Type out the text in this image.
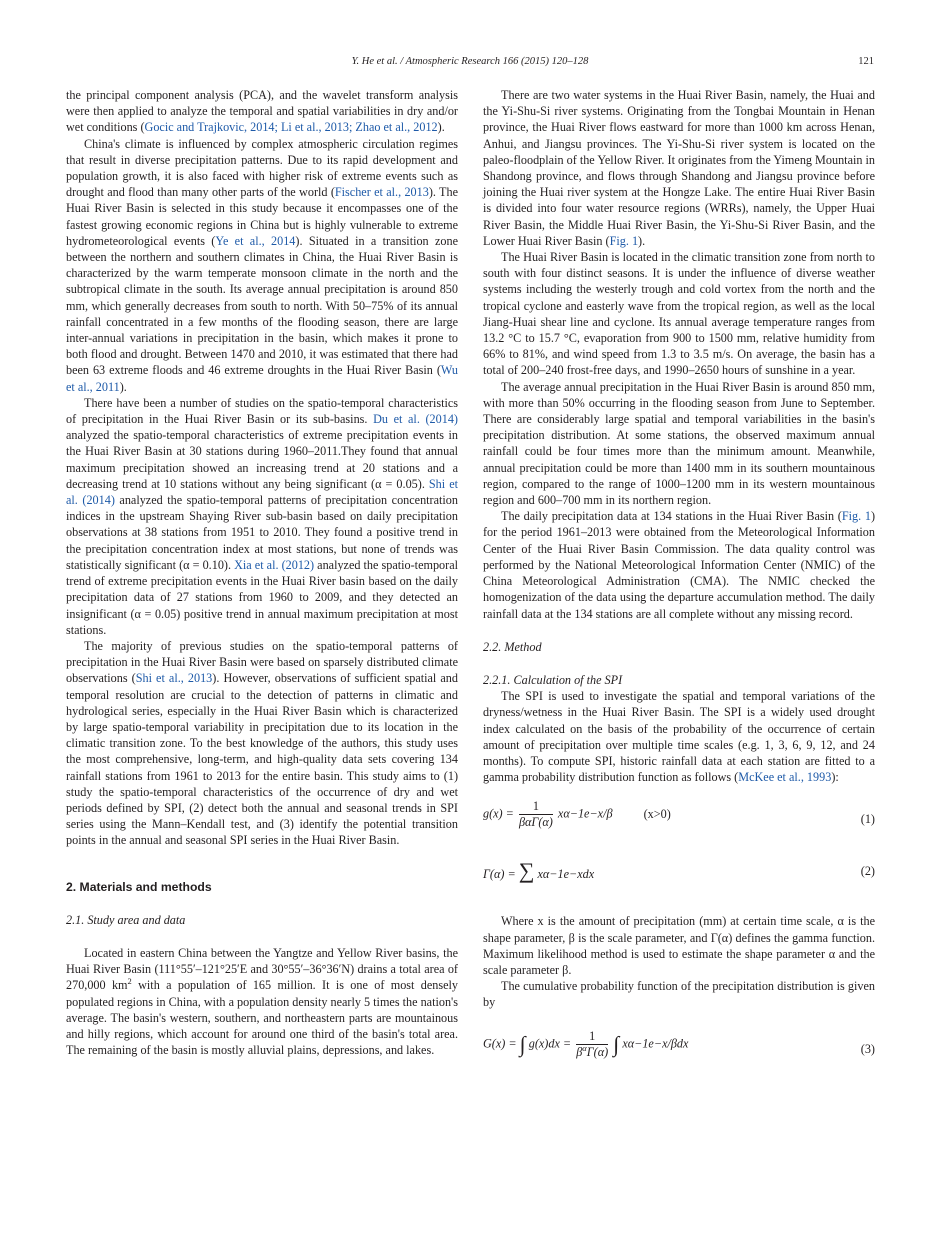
Y. He et al. / Atmospheric Research 166 (2015) 120–128	121

the principal component analysis (PCA), and the wavelet transform analysis were then applied to analyze the temporal and spatial variabilities in dry and/or wet conditions (Gocic and Trajkovic, 2014; Li et al., 2013; Zhao et al., 2012).

China's climate is influenced by complex atmospheric circulation regimes that result in diverse precipitation patterns. Due to its rapid development and population growth, it is also faced with higher risk of extreme events such as drought and flood than many other parts of the world (Fischer et al., 2013). The Huai River Basin is selected in this study because it encompasses one of the fastest growing economic regions in China but is highly vulnerable to extreme hydrometeorological events (Ye et al., 2014). Situated in a transition zone between the northern and southern climates in China, the Huai River Basin is characterized by the warm temperate monsoon climate in the north and the subtropical climate in the south. Its average annual precipitation is around 850 mm, which generally decreases from south to north. With 50–75% of its annual rainfall concentrated in a few months of the flooding season, there are large inter-annual variations in precipitation in the basin, which makes it prone to both flood and drought. Between 1470 and 2010, it was estimated that there had been 63 extreme floods and 46 extreme droughts in the Huai River Basin (Wu et al., 2011).

There have been a number of studies on the spatio-temporal characteristics of precipitation in the Huai River Basin or its sub-basins. Du et al. (2014) analyzed the spatio-temporal characteristics of extreme precipitation events in the Huai River Basin at 30 stations during 1960–2011.They found that annual maximum precipitation showed an increasing trend at 20 stations and a decreasing trend at 10 stations without any being significant (α = 0.05). Shi et al. (2014) analyzed the spatio-temporal patterns of precipitation concentration indices in the upstream Shaying River sub-basin based on daily precipitation observations at 38 stations from 1951 to 2010. They found a positive trend in the precipitation concentration index at most stations, but none of trends was statistically significant (α = 0.10). Xia et al. (2012) analyzed the spatio-temporal trend of extreme precipitation events in the Huai River basin based on the daily precipitation data of 27 stations from 1960 to 2009, and they detected an insignificant (α = 0.05) positive trend in annual maximum precipitation at most stations.

The majority of previous studies on the spatio-temporal patterns of precipitation in the Huai River Basin were based on sparsely distributed climate observations (Shi et al., 2013). However, observations of sufficient spatial and temporal resolution are crucial to the detection of patterns in climatic and hydrological series, especially in the Huai River Basin which is characterized by large spatio-temporal variability in precipitation due to its location in the climatic transition zone. To the best knowledge of the authors, this study uses the most comprehensive, long-term, and high-quality data sets covering 134 rainfall stations from 1961 to 2013 for the entire basin. This study aims to (1) study the spatio-temporal characteristics of the occurrence of dry and wet periods defined by SPI, (2) detect both the annual and seasonal trends in SPI series using the Mann–Kendall test, and (3) identify the potential transition points in the annual and seasonal SPI series in the Huai River Basin.

2. Materials and methods

2.1. Study area and data

Located in eastern China between the Yangtze and Yellow River basins, the Huai River Basin (111°55′–121°25′E and 30°55′–36°36′N) drains a total area of 270,000 $km^2$ with a population of 165 million. It is one of most densely populated regions in China, with a population density nearly 5 times the nation's average. The basin's western, southern, and northeastern parts are mountainous and hilly regions, which account for around one third of the basin's total area. The remaining of the basin is mostly alluvial plains, depressions, and lakes.

There are two water systems in the Huai River Basin, namely, the Huai and the Yi-Shu-Si river systems. Originating from the Tongbai Mountain in Henan province, the Huai River flows eastward for more than 1000 km across Henan, Anhui, and Jiangsu provinces. The Yi-Shu-Si river system is located on the paleo-floodplain of the Yellow River. It originates from the Yimeng Mountain in Shandong province, and flows through Shandong and Jiangsu province before joining the Huai river system at the Hongze Lake. The entire Huai River Basin is divided into four water resource regions (WRRs), namely, the Upper Huai River Basin, the Middle Huai River Basin, the Yi-Shu-Si River Basin, and the Lower Huai River Basin (Fig. 1).

The Huai River Basin is located in the climatic transition zone from north to south with four distinct seasons. It is under the influence of diverse weather systems including the westerly trough and cold vortex from the north and the tropical cyclone and easterly wave from the tropical region, as well as the local Jiang-Huai shear line and cyclone. Its annual average temperature ranges from 13.2 °C to 15.7 °C, evaporation from 900 to 1500 mm, relative humidity from 66% to 81%, and wind speed from 1.3 to 3.5 m/s. On average, the basin has a total of 200–240 frost-free days, and 1990–2650 hours of sunshine in a year.

The average annual precipitation in the Huai River Basin is around 850 mm, with more than 50% occurring in the flooding season from June to September. There are considerably large spatial and temporal variabilities in the basin's precipitation distribution. At some stations, the observed maximum annual rainfall could be four times more than the minimum amount. Meanwhile, annual precipitation could be more than 1400 mm in its southern mountainous region, compared to the range of 1000–1200 mm in its western mountainous region and 600–700 mm in its northern region.

The daily precipitation data at 134 stations in the Huai River Basin (Fig. 1) for the period 1961–2013 were obtained from the Meteorological Information Center of the Huai River Basin Commission. The data quality control was performed by the National Meteorological Information Center (NMIC) of the China Meteorological Administration (CMA). The NMIC checked the homogenization of the data using the departure accumulation method. The daily rainfall data at the 134 stations are all complete without any missing record.

2.2. Method

2.2.1. Calculation of the SPI

The SPI is used to investigate the spatial and temporal variations of the dryness/wetness in the Huai River Basin. The SPI is a widely used drought index calculated on the basis of the probability of the occurrence of certain amount of precipitation over multiple time scales (e.g. 1, 3, 6, 9, 12, and 24 months). To compute SPI, historic rainfall data at each station are fitted to a gamma probability distribution function as follows (McKee et al., 1993):

$g(x) = \frac{1}{\text{βαΓ(α)}} x\alpha-1e-x/\beta$	(x>0)	(1)
Γ(α) = ∑ xα−1e−xdx	(2)

Where x is the amount of precipitation (mm) at certain time scale, α is the shape parameter, β is the scale parameter, and Γ(α) defines the gamma function. Maximum likelihood method is used to estimate the shape parameter α and the scale parameter β.

The cumulative probability function of the precipitation distribution is given by

G(x) = ∫ $g(x)dx = \frac{1}{\beta^\alpha\Gamma(\alpha)}$ ∫ xα−1e−x/βdx	(3)
